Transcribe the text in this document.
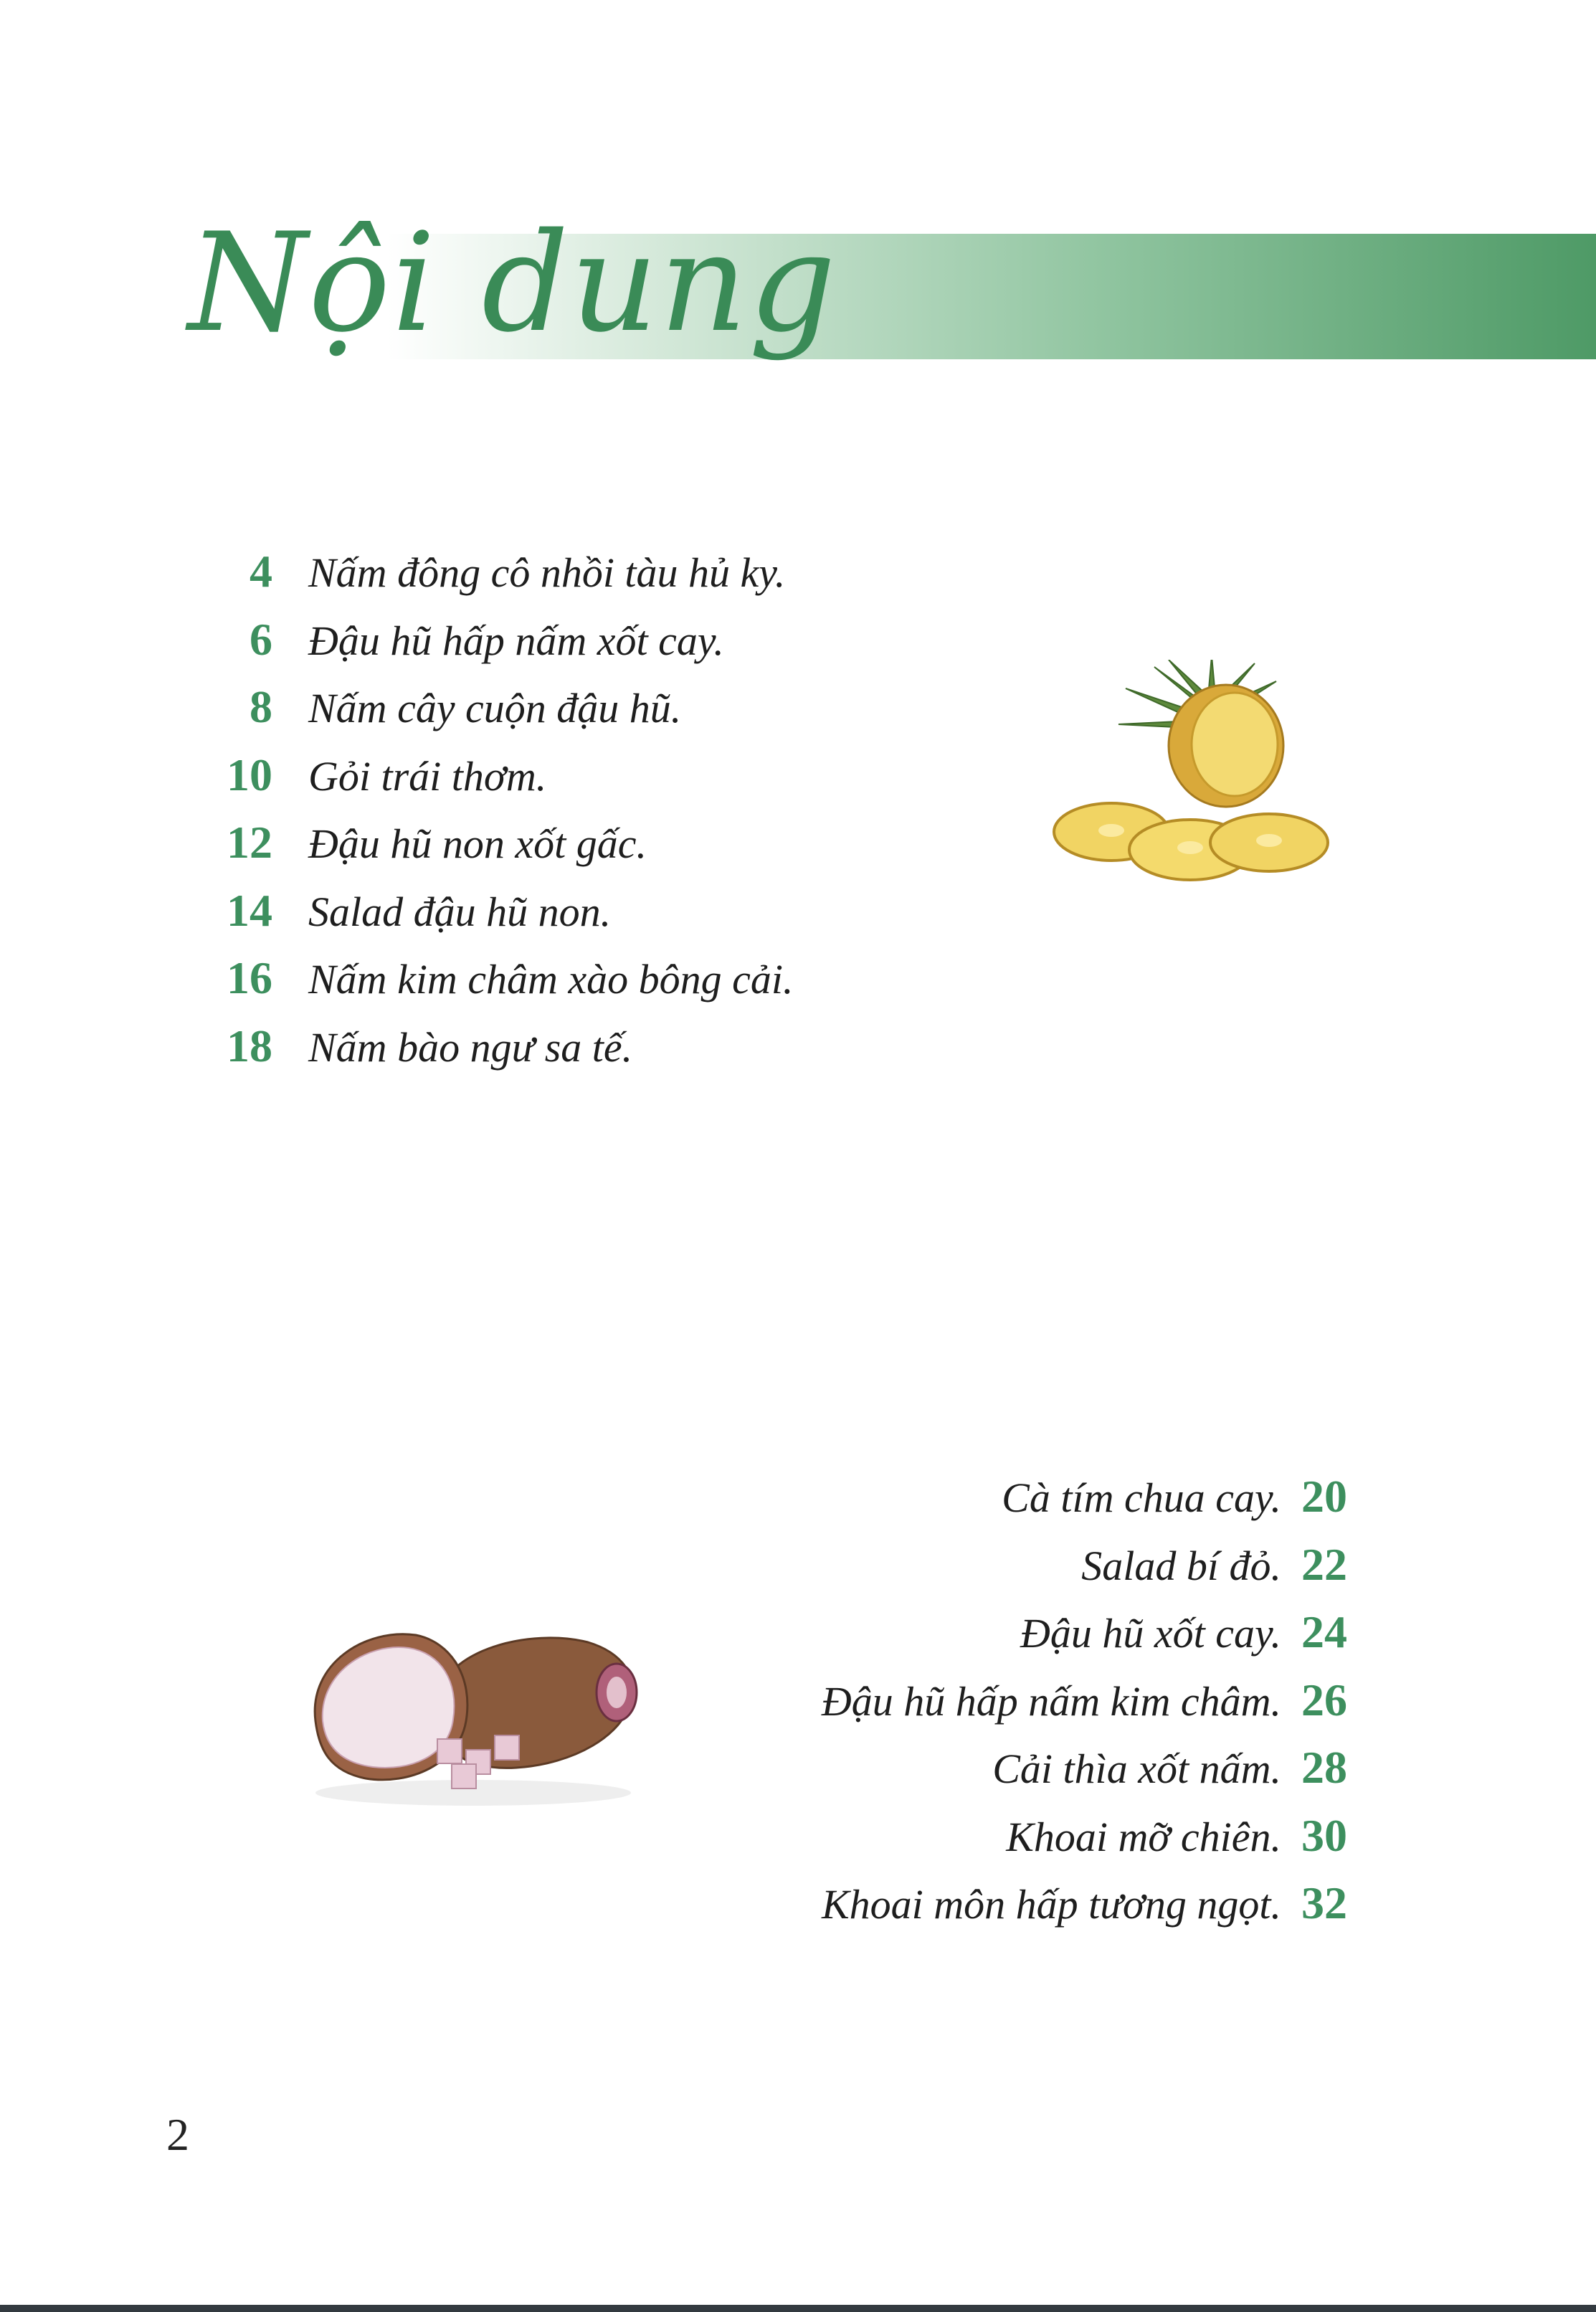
Nội dung
4 Nấm đông cô nhồi tàu hủ ky.
6 Đậu hũ hấp nấm xốt cay.
8 Nấm cây cuộn đậu hũ.
10 Gỏi trái thơm.
12 Đậu hũ non xốt gấc.
14 Salad đậu hũ non.
16 Nấm kim châm xào bông cải.
18 Nấm bào ngư sa tế.
Cà tím chua cay. 20
Salad bí đỏ. 22
Đậu hũ xốt cay. 24
Đậu hũ hấp nấm kim châm. 26
Cải thìa xốt nấm. 28
Khoai mỡ chiên. 30
Khoai môn hấp tương ngọt. 32
2
